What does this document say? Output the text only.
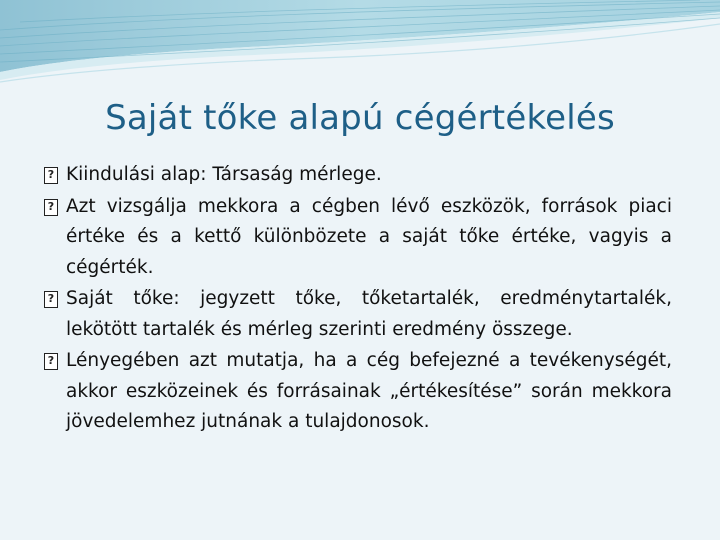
Saját tőke alapú cégértékelés
?
Kiindulási alap: Társaság mérlege.
?
Azt vizsgálja mekkora a cégben lévő eszközök, források piaci értéke és a kettő különbözete a saját tőke értéke, vagyis a cégérték.
?
Saját tőke: jegyzett tőke, tőketartalék, eredménytartalék, lekötött tartalék és mérleg szerinti eredmény összege.
?
Lényegében azt mutatja, ha a cég befejezné a tevékenységét, akkor eszközeinek és forrásainak „értékesítése” során mekkora jövedelemhez jutnának a tulajdonosok.
